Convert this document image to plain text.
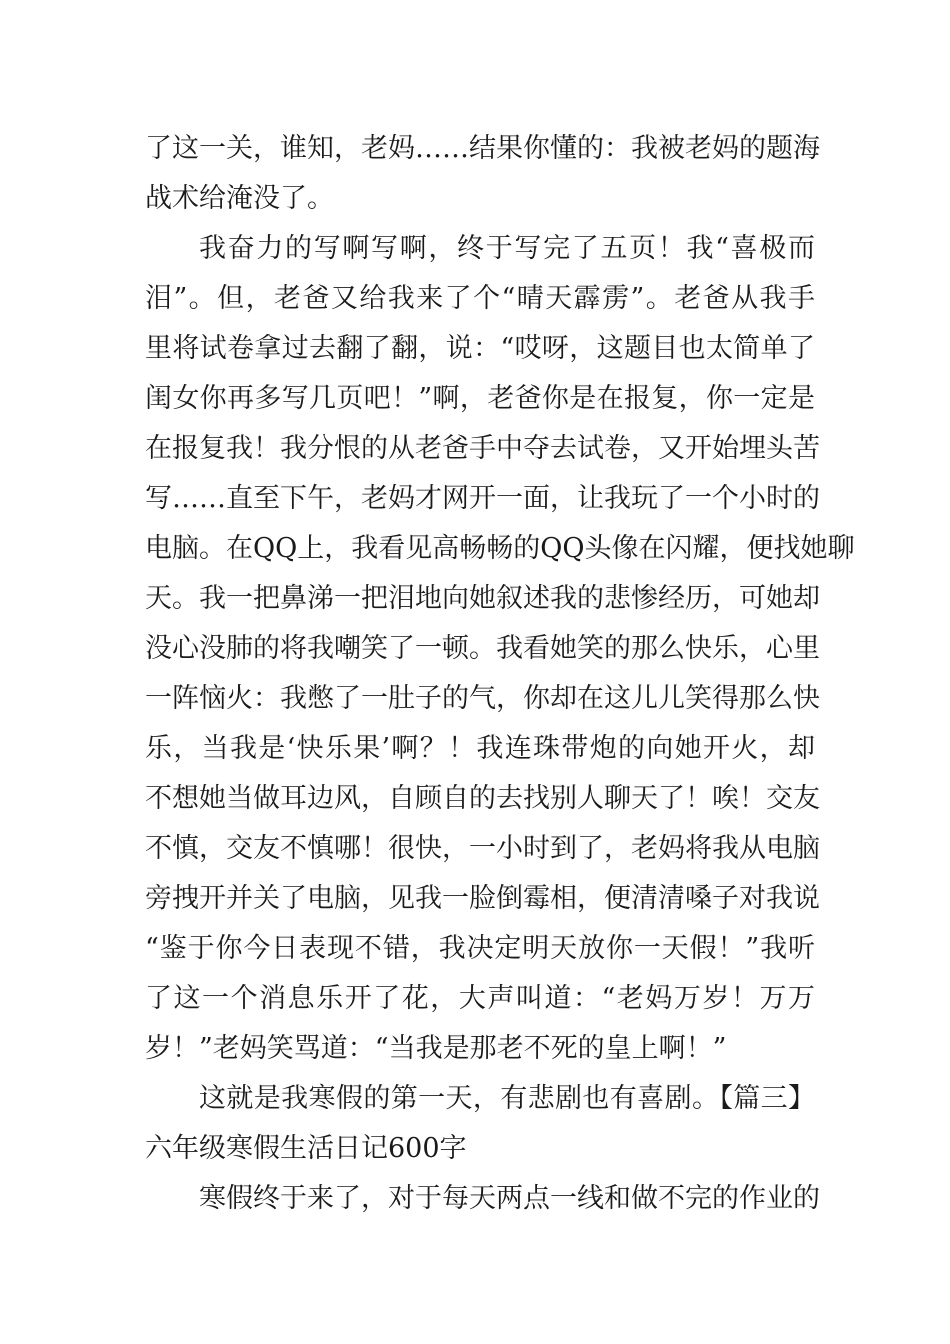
了这一关，谁知，老妈……结果你懂的：我被老妈的题海
战术给淹没了。
我奋力的写啊写啊，终于写完了五页！我“喜极而
泪”。但，老爸又给我来了个“晴天霹雳”。老爸从我手
里将试卷拿过去翻了翻，说：“哎呀，这题目也太简单了
闺女你再多写几页吧！”啊，老爸你是在报复，你一定是
在报复我！我分恨的从老爸手中夺去试卷，又开始埋头苦
写……直至下午，老妈才网开一面，让我玩了一个小时的
电脑。在QQ上，我看见高畅畅的QQ头像在闪耀，便找她聊
天。我一把鼻涕一把泪地向她叙述我的悲惨经历，可她却
没心没肺的将我嘲笑了一顿。我看她笑的那么快乐，心里
一阵恼火：我憋了一肚子的气，你却在这儿儿笑得那么快
乐，当我是‘快乐果’啊？！我连珠带炮的向她开火，却
不想她当做耳边风，自顾自的去找别人聊天了！唉！交友
不慎，交友不慎哪！很快，一小时到了，老妈将我从电脑
旁拽开并关了电脑，见我一脸倒霉相，便清清嗓子对我说
“鉴于你今日表现不错，我决定明天放你一天假！”我听
了这一个消息乐开了花，大声叫道：“老妈万岁！万万
岁！”老妈笑骂道：“当我是那老不死的皇上啊！”
这就是我寒假的第一天，有悲剧也有喜剧。【篇三】
六年级寒假生活日记600字
寒假终于来了，对于每天两点一线和做不完的作业的
